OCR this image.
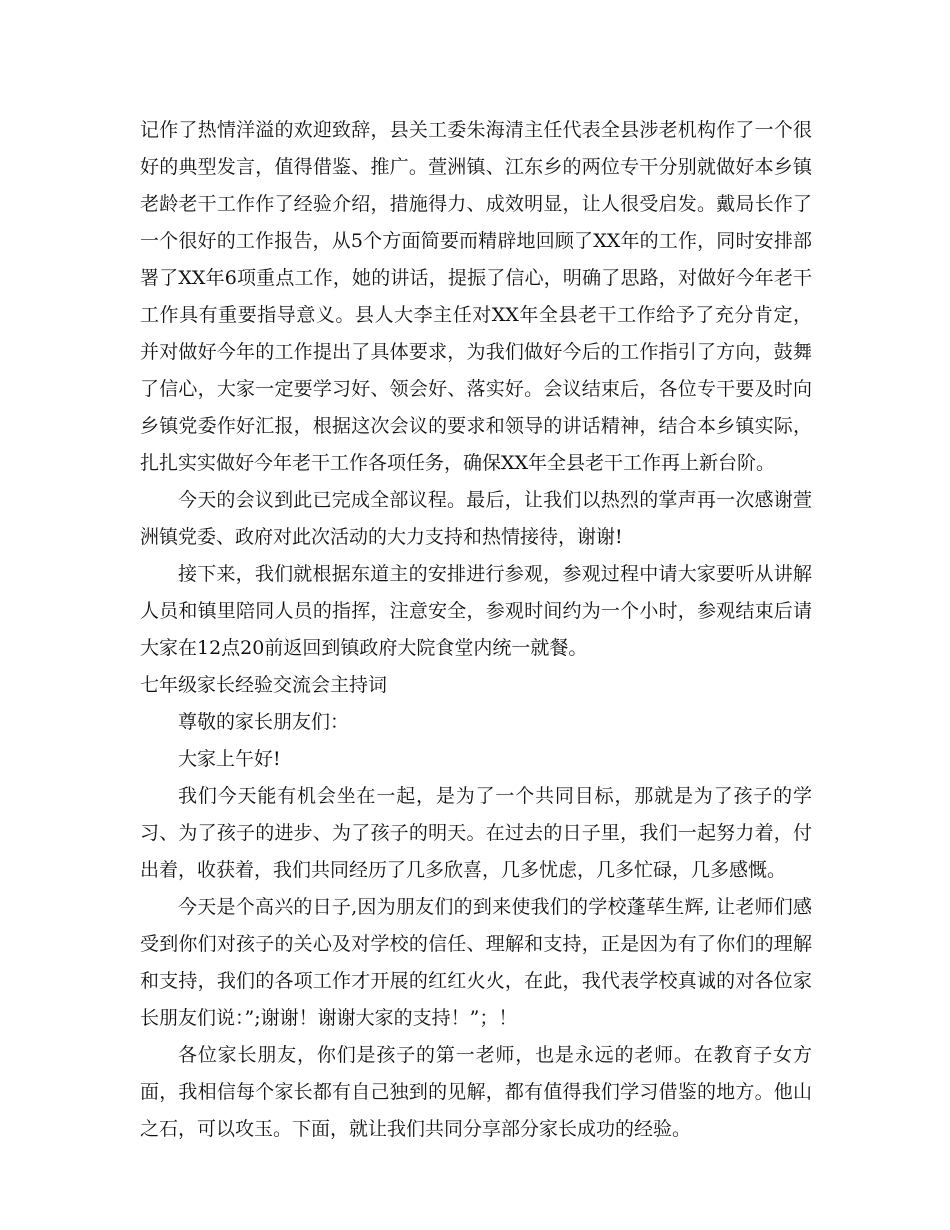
记作了热情洋溢的欢迎致辞，县关工委朱海清主任代表全县涉老机构作了一个很好的典型发言，值得借鉴、推广。萱洲镇、江东乡的两位专干分别就做好本乡镇老龄老干工作作了经验介绍，措施得力、成效明显，让人很受启发。戴局长作了一个很好的工作报告，从5个方面简要而精辟地回顾了XX年的工作，同时安排部署了XX年6项重点工作，她的讲话，提振了信心，明确了思路，对做好今年老干工作具有重要指导意义。县人大李主任对XX年全县老干工作给予了充分肯定，并对做好今年的工作提出了具体要求，为我们做好今后的工作指引了方向，鼓舞了信心，大家一定要学习好、领会好、落实好。会议结束后，各位专干要及时向乡镇党委作好汇报，根据这次会议的要求和领导的讲话精神，结合本乡镇实际，扎扎实实做好今年老干工作各项任务，确保XX年全县老干工作再上新台阶。

今天的会议到此已完成全部议程。最后，让我们以热烈的掌声再一次感谢萱洲镇党委、政府对此次活动的大力支持和热情接待，谢谢!

接下来，我们就根据东道主的安排进行参观，参观过程中请大家要听从讲解人员和镇里陪同人员的指挥，注意安全，参观时间约为一个小时，参观结束后请大家在12点20前返回到镇政府大院食堂内统一就餐。

七年级家长经验交流会主持词

尊敬的家长朋友们：

大家上午好!

我们今天能有机会坐在一起，是为了一个共同目标，那就是为了孩子的学习、为了孩子的进步、为了孩子的明天。在过去的日子里，我们一起努力着，付出着，收获着，我们共同经历了几多欣喜，几多忧虑，几多忙碌，几多感慨。

今天是个高兴的日子,因为朋友们的到来使我们的学校蓬荜生辉, 让老师们感受到你们对孩子的关心及对学校的信任、理解和支持，正是因为有了你们的理解和支持，我们的各项工作才开展的红红火火，在此，我代表学校真诚的对各位家长朋友们说：”;谢谢！谢谢大家的支持！”；！

各位家长朋友，你们是孩子的第一老师，也是永远的老师。在教育子女方面，我相信每个家长都有自己独到的见解，都有值得我们学习借鉴的地方。他山之石，可以攻玉。下面，就让我们共同分享部分家长成功的经验。
